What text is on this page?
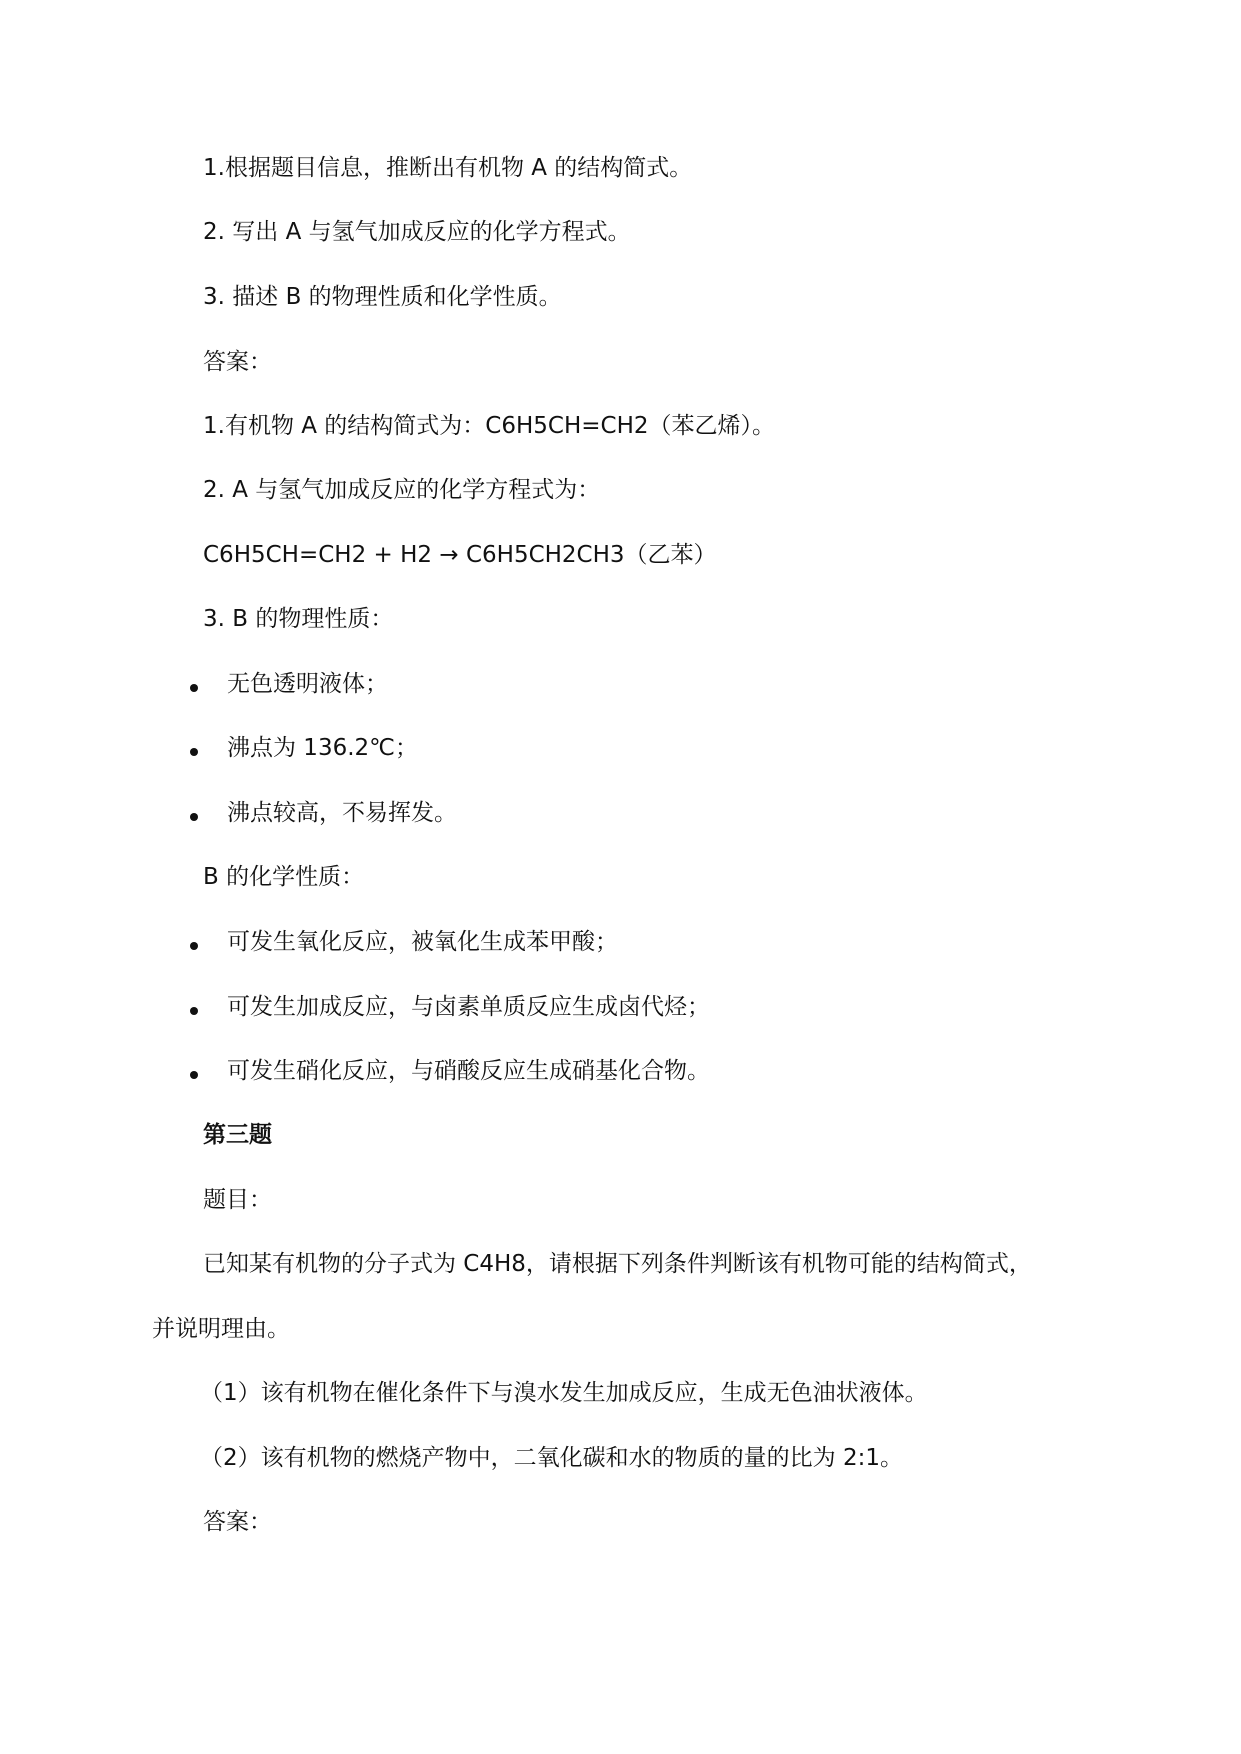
1.根据题目信息，推断出有机物 A 的结构简式。
2. 写出 A 与氢气加成反应的化学方程式。
3. 描述 B 的物理性质和化学性质。
答案：
1.有机物 A 的结构简式为：C6H5CH=CH2（苯乙烯）。
2. A 与氢气加成反应的化学方程式为：
C6H5CH=CH2 + H2 → C6H5CH2CH3（乙苯）
3. B 的物理性质：
无色透明液体；
沸点为 136.2℃；
沸点较高，不易挥发。
B 的化学性质：
可发生氧化反应，被氧化生成苯甲酸；
可发生加成反应，与卤素单质反应生成卤代烃；
可发生硝化反应，与硝酸反应生成硝基化合物。
第三题
题目：
已知某有机物的分子式为 C4H8，请根据下列条件判断该有机物可能的结构简式，
并说明理由。
（1）该有机物在催化条件下与溴水发生加成反应，生成无色油状液体。
（2）该有机物的燃烧产物中，二氧化碳和水的物质的量的比为 2:1。
答案：
